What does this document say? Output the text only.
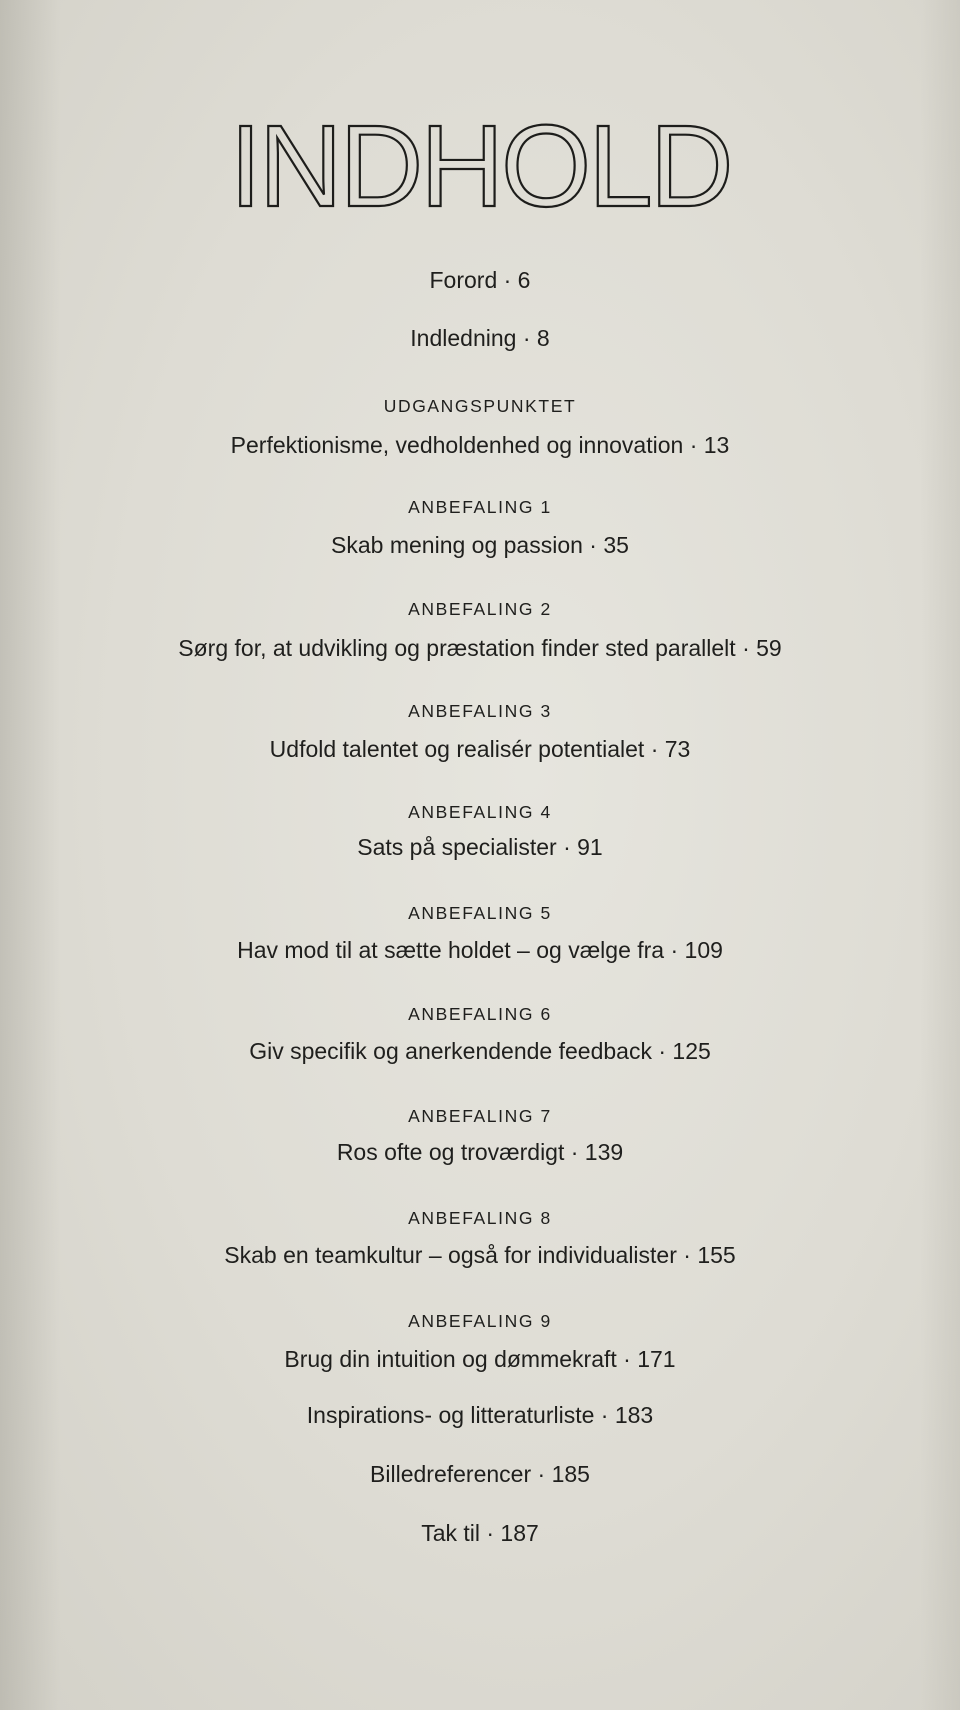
INDHOLD
Forord · 6
Indledning · 8
UDGANGSPUNKTET
Perfektionisme, vedholdenhed og innovation · 13
ANBEFALING 1
Skab mening og passion · 35
ANBEFALING 2
Sørg for, at udvikling og præstation finder sted parallelt · 59
ANBEFALING 3
Udfold talentet og realisér potentialet · 73
ANBEFALING 4
Sats på specialister · 91
ANBEFALING 5
Hav mod til at sætte holdet – og vælge fra · 109
ANBEFALING 6
Giv specifik og anerkendende feedback · 125
ANBEFALING 7
Ros ofte og troværdigt · 139
ANBEFALING 8
Skab en teamkultur – også for individualister · 155
ANBEFALING 9
Brug din intuition og dømmekraft · 171
Inspirations- og litteraturliste · 183
Billedreferencer · 185
Tak til · 187
